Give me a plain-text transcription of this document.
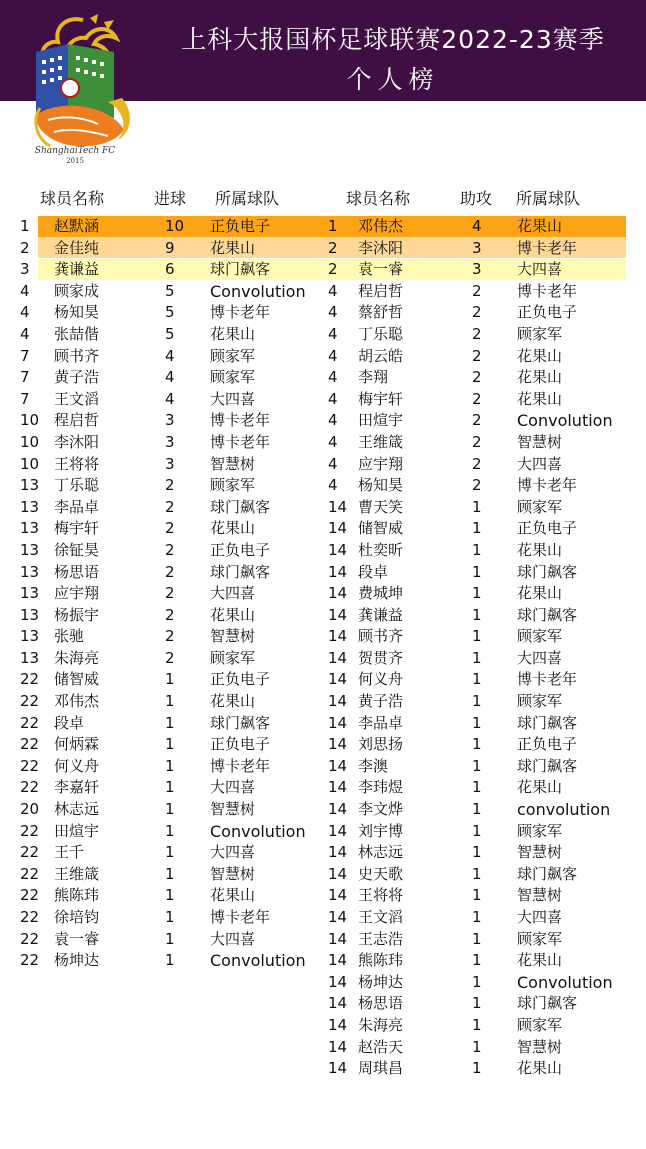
上科大报国杯足球联赛2022-23赛季
个人榜
ShanghaiTech FC
2015
球员名称	进球 所属球队	球员名称	助攻 所属球队
1 赵默涵	10 正负电子
2 金佳纯	9 花果山
3 龚谦益	6 球门飙客
4 顾家成	5 Convolution
4 杨知昊	5 博卡老年
4 张喆偕	5 花果山
7 顾书齐	4 顾家军
7 黄子浩	4 顾家军
7 王文滔	4 大四喜
10 程启哲	3 博卡老年
10 李沐阳	3 博卡老年
10 王将将	3 智慧树
13 丁乐聪	2 顾家军
13 李品卓	2 球门飙客
13 梅宇轩	2 花果山
13 徐钲昊	2 正负电子
13 杨思语	2 球门飙客
13 应宇翔	2 大四喜
13 杨振宇	2 花果山
13 张驰	2 智慧树
13 朱海亮	2 顾家军
22 储智威	1 正负电子
22 邓伟杰	1 花果山
22 段卓	1 球门飙客
22 何炳霖	1 正负电子
22 何义舟	1 博卡老年
22 李嘉轩	1 大四喜
20 林志远	1 智慧树
22 田煊宇	1 Convolution
22 王千	1 大四喜
22 王维箴	1 智慧树
22 熊陈玮	1 花果山
22 徐培钧	1 博卡老年
22 袁一睿	1 大四喜
22 杨坤达	1 Convolution
1 邓伟杰	4 花果山
2 李沐阳	3 博卡老年
2 袁一睿	3 大四喜
4 程启哲	2 博卡老年
4 蔡舒哲	2 正负电子
4 丁乐聪	2 顾家军
4 胡云皓	2 花果山
4 李翔	2 花果山
4 梅宇轩	2 花果山
4 田煊宇	2 Convolution
4 王维箴	2 智慧树
4 应宇翔	2 大四喜
4 杨知昊	2 博卡老年
14 曹天笑	1 顾家军
14 储智威	1 正负电子
14 杜奕昕	1 花果山
14 段卓	1 球门飙客
14 费城坤	1 花果山
14 龚谦益	1 球门飙客
14 顾书齐	1 顾家军
14 贺贯齐	1 大四喜
14 何义舟	1 博卡老年
14 黄子浩	1 顾家军
14 李品卓	1 球门飙客
14 刘思扬	1 正负电子
14 李澳	1 球门飙客
14 李玮煜	1 花果山
14 李文烨	1 convolution
14 刘宇博	1 顾家军
14 林志远	1 智慧树
14 史天歌	1 球门飙客
14 王将将	1 智慧树
14 王文滔	1 大四喜
14 王志浩	1 顾家军
14 熊陈玮	1 花果山
14 杨坤达	1 Convolution
14 杨思语	1 球门飙客
14 朱海亮	1 顾家军
14 赵浩天	1 智慧树
14 周琪昌	1 花果山
